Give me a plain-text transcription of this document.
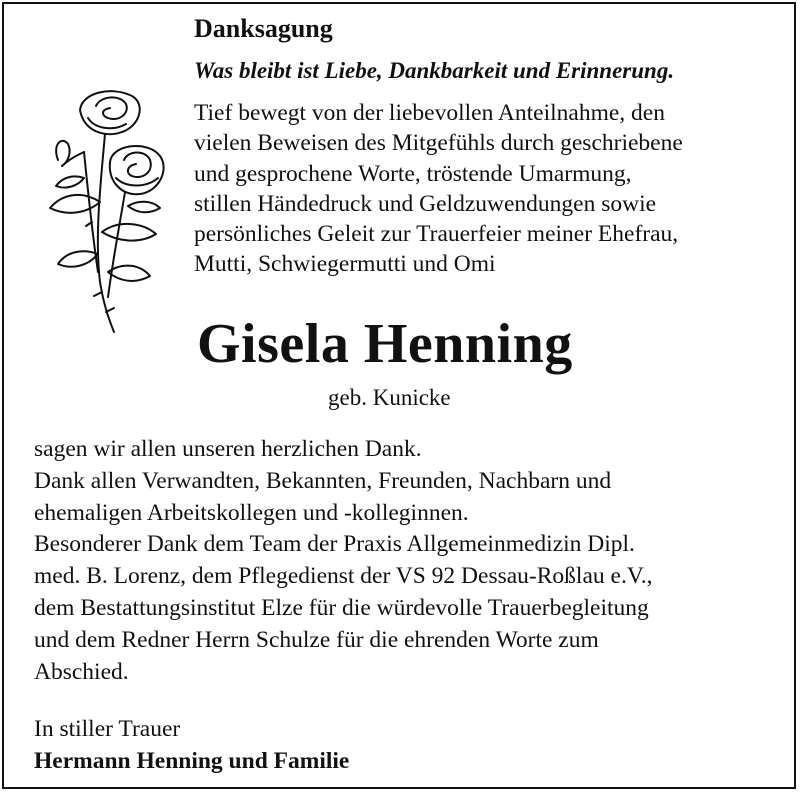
Danksagung
Was bleibt ist Liebe, Dankbarkeit und Erinnerung.
Tief bewegt von der liebevollen Anteilnahme, den
vielen Beweisen des Mitgefühls durch geschriebene
und gesprochene Worte, tröstende Umarmung,
stillen Händedruck und Geldzuwendungen sowie
persönliches Geleit zur Trauerfeier meiner Ehefrau,
Mutti, Schwiegermutti und Omi
Gisela Henning
geb. Kunicke
sagen wir allen unseren herzlichen Dank.
Dank allen Verwandten, Bekannten, Freunden, Nachbarn und
ehemaligen Arbeitskollegen und -kolleginnen.
Besonderer Dank dem Team der Praxis Allgemeinmedizin Dipl.
med. B. Lorenz, dem Pflegedienst der VS 92 Dessau-Roßlau e.V.,
dem Bestattungsinstitut Elze für die würdevolle Trauerbegleitung
und dem Redner Herrn Schulze für die ehrenden Worte zum
Abschied.
In stiller Trauer
Hermann Henning und Familie
